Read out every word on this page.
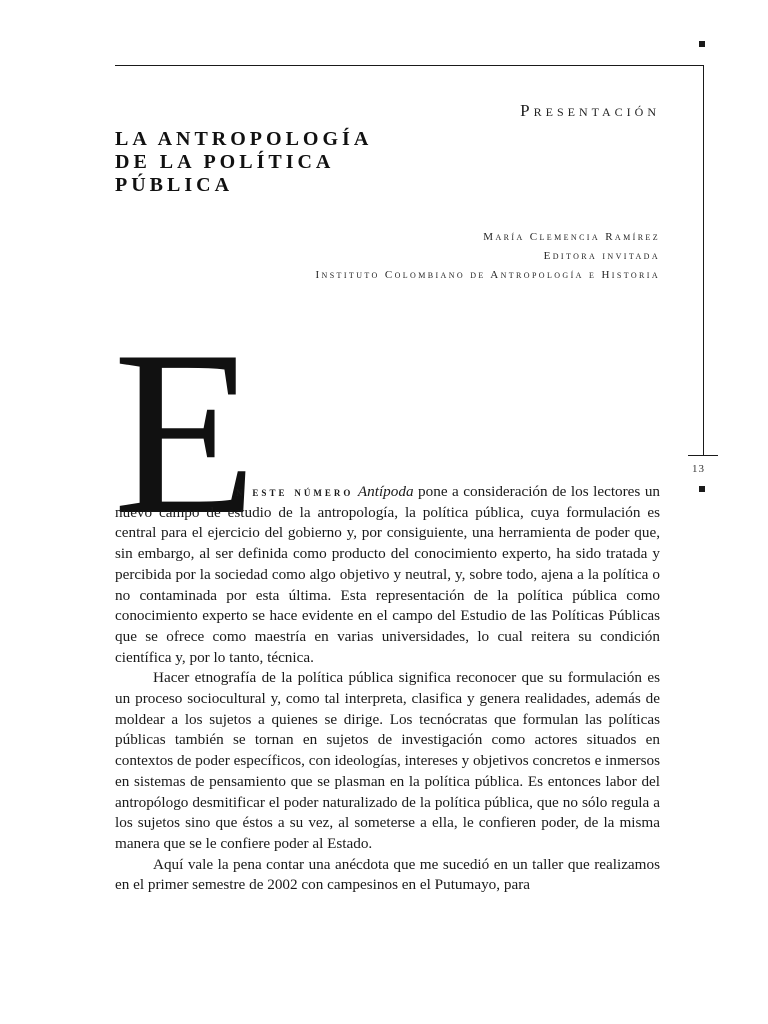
13
Presentación
LA ANTROPOLOGÍA
DE LA POLÍTICA
PÚBLICA
María Clemencia Ramírez
Editora invitada
Instituto Colombiano de Antropología e Historia
E

n este número Antípoda pone a consideración de los lectores un nuevo campo de estudio de la antropología, la política pública, cuya formulación es central para el ejercicio del gobierno y, por consiguiente, una herramienta de poder que, sin embargo, al ser definida como producto del conocimiento experto, ha sido tratada y percibida por la sociedad como algo objetivo y neutral, y, sobre todo, ajena a la política o no contaminada por esta última. Esta representación de la política pública como conocimiento experto se hace evidente en el campo del Estudio de las Políticas Públicas que se ofrece como maestría en varias universidades, lo cual reitera su condición científica y, por lo tanto, técnica.

Hacer etnografía de la política pública significa reconocer que su formulación es un proceso sociocultural y, como tal interpreta, clasifica y genera realidades, además de moldear a los sujetos a quienes se dirige. Los tecnócratas que formulan las políticas públicas también se tornan en sujetos de investigación como actores situados en contextos de poder específicos, con ideologías, intereses y objetivos concretos e inmersos en sistemas de pensamiento que se plasman en la política pública. Es entonces labor del antropólogo desmitificar el poder naturalizado de la política pública, que no sólo regula a los sujetos sino que éstos a su vez, al someterse a ella, le confieren poder, de la misma manera que se le confiere poder al Estado.

Aquí vale la pena contar una anécdota que me sucedió en un taller que realizamos en el primer semestre de 2002 con campesinos en el Putumayo, para
